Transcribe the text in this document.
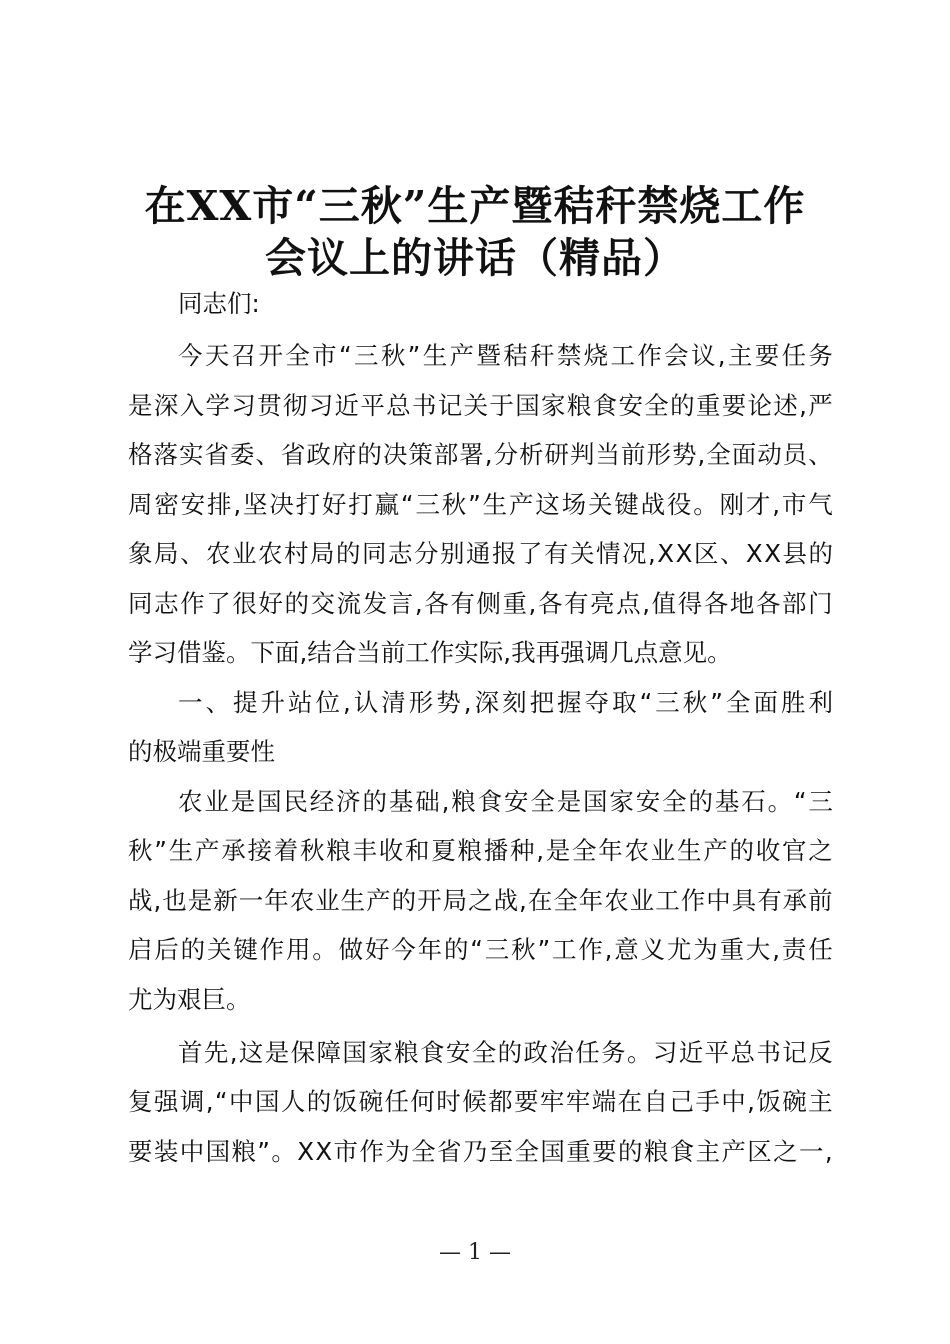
在XX市“三秋”生产暨秸秆禁烧工作
会议上的讲话（精品）
同志们:
今 天 召 开 全 市 “ 三 秋 ” 生 产 暨 秸 秆 禁 烧 工 作 会 议 , 主 要 任 务
是 深 入 学 习 贯 彻 习 近 平 总 书 记 关 于 国 家 粮 食 安 全 的 重 要 论 述 , 严
格 落 实 省 委 、 省 政 府 的 决 策 部 署 , 分 析 研 判 当 前 形 势 , 全 面 动 员 、
周 密 安 排 , 坚 决 打 好 打 赢 “ 三 秋 ” 生 产 这 场 关 键 战 役 。 刚 才 , 市 气
象 局 、 农 业 农 村 局 的 同 志 分 别 通 报 了 有 关 情 况 , X X 区 、 X X 县 的
同 志 作 了 很 好 的 交 流 发 言 , 各 有 侧 重 , 各 有 亮 点 , 值 得 各 地 各 部 门
学习借鉴。下面,结合当前工作实际,我再强调几点意见。
一 、 提 升 站 位 , 认 清 形 势 , 深 刻 把 握 夺 取 “ 三 秋 ” 全 面 胜 利
的极端重要性
农 业 是 国 民 经 济 的 基 础 , 粮 食 安 全 是 国 家 安 全 的 基 石 。 “ 三
秋 ” 生 产 承 接 着 秋 粮 丰 收 和 夏 粮 播 种 , 是 全 年 农 业 生 产 的 收 官 之
战 , 也 是 新 一 年 农 业 生 产 的 开 局 之 战 , 在 全 年 农 业 工 作 中 具 有 承 前
启 后 的 关 键 作 用 。 做 好 今 年 的 “ 三 秋 ” 工 作 , 意 义 尤 为 重 大 , 责 任
尤为艰巨。
首 先 , 这 是 保 障 国 家 粮 食 安 全 的 政 治 任 务 。 习 近 平 总 书 记 反
复 强 调 , “ 中 国 人 的 饭 碗 任 何 时 候 都 要 牢 牢 端 在 自 己 手 中 , 饭 碗 主
要 装 中 国 粮 ” 。 X X 市 作 为 全 省 乃 至 全 国 重 要 的 粮 食 主 产 区 之 一 ,
— 1 —
